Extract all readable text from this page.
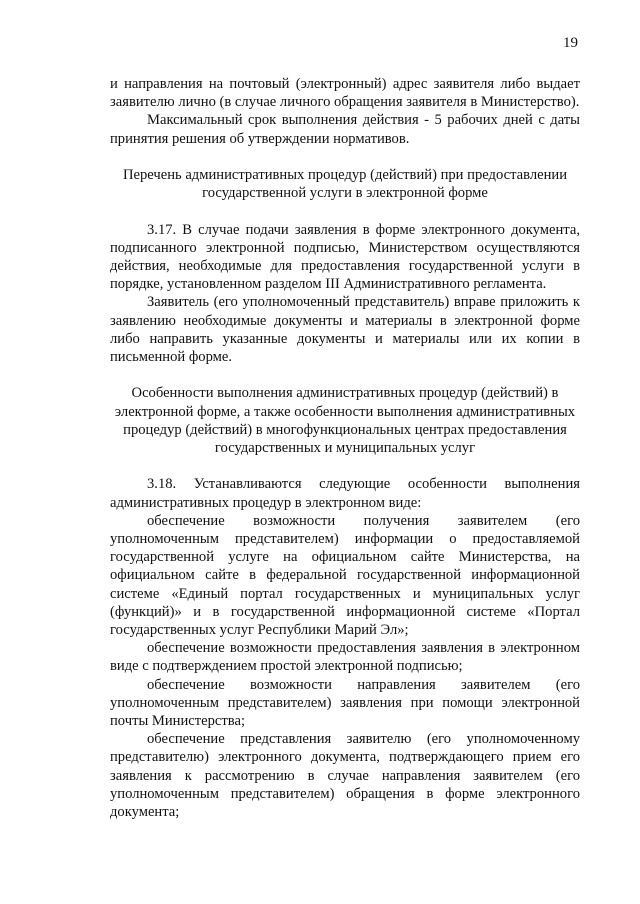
19

и направления на почтовый (электронный) адрес заявителя либо выдает заявителю лично (в случае личного обращения заявителя в Министерство).

Максимальный срок выполнения действия - 5 рабочих дней с даты принятия решения об утверждении нормативов.

Перечень административных процедур (действий) при предоставлении государственной услуги в электронной форме

3.17. В случае подачи заявления в форме электронного документа, подписанного электронной подписью, Министерством осуществляются действия, необходимые для предоставления государственной услуги в порядке, установленном разделом III Административного регламента.

Заявитель (его уполномоченный представитель) вправе приложить к заявлению необходимые документы и материалы в электронной форме либо направить указанные документы и материалы или их копии в письменной форме.

Особенности выполнения административных процедур (действий) в электронной форме, а также особенности выполнения административных процедур (действий) в многофункциональных центрах предоставления государственных и муниципальных услуг

3.18. Устанавливаются следующие особенности выполнения административных процедур в электронном виде:

обеспечение возможности получения заявителем (его уполномоченным представителем) информации о предоставляемой государственной услуге на официальном сайте Министерства, на официальном сайте в федеральной государственной информационной системе «Единый портал государственных и муниципальных услуг (функций)» и в государственной информационной системе «Портал государственных услуг Республики Марий Эл»;

обеспечение возможности предоставления заявления в электронном виде с подтверждением простой электронной подписью;

обеспечение возможности направления заявителем (его уполномоченным представителем) заявления при помощи электронной почты Министерства;

обеспечение представления заявителю (его уполномоченному представителю) электронного документа, подтверждающего прием его заявления к рассмотрению в случае направления заявителем (его уполномоченным представителем) обращения в форме электронного документа;
